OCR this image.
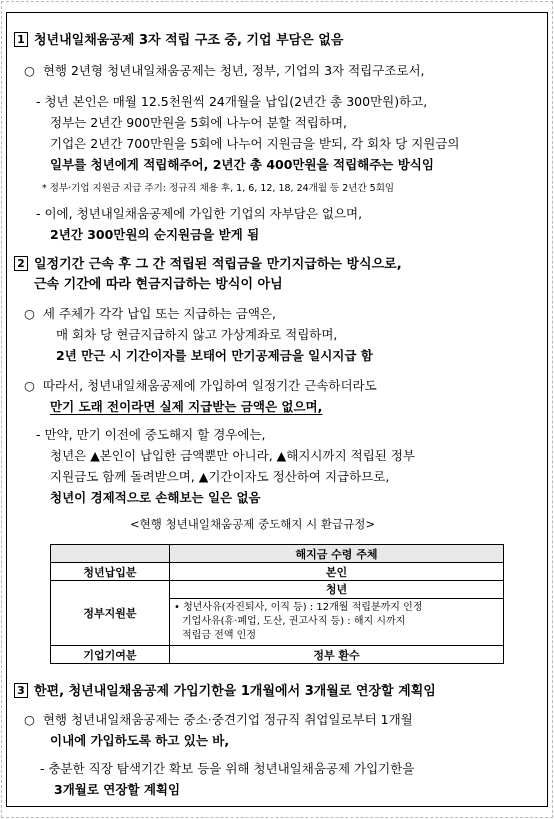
1 청년내일채움공제 3자 적립 구조 중, 기업 부담은 없음
○  현행 2년형 청년내일채움공제는 청년, 정부, 기업의 3자 적립구조로서,
- 청년 본인은 매월 12.5천원씩 24개월을 납입(2년간 총 300만원)하고,
정부는 2년간 900만원을 5회에 나누어 분할 적립하며,
기업은 2년간 700만원을 5회에 나누어 지원금을 받되, 각 회차 당 지원금의
일부를 청년에게 적립해주어, 2년간 총 400만원을 적립해주는 방식임
* 정부·기업 지원금 지급 주기: 정규직 채용 후, 1, 6, 12, 18, 24개월 등 2년간 5회임
- 이에, 청년내일채움공제에 가입한 기업의 자부담은 없으며,
2년간 300만원의 순지원금을 받게 됨
2 일정기간 근속 후 그 간 적립된 적립금을 만기지급하는 방식으로,
근속 기간에 따라 현금지급하는 방식이 아님
○  세 주체가 각각 납입 또는 지급하는 금액은,
매 회차 당 현금지급하지 않고 가상계좌로 적립하며,
2년 만근 시 기간이자를 보태어 만기공제금을 일시지급 함
○  따라서, 청년내일채움공제에 가입하여 일정기간 근속하더라도
만기 도래 전이라면 실제 지급받는 금액은 없으며,
- 만약, 만기 이전에 중도해지 할 경우에는,
청년은 ▲본인이 납입한 금액뿐만 아니라, ▲해지시까지 적립된 정부
지원금도 함께 돌려받으며, ▲기간이자도 정산하여 지급하므로,
청년이 경제적으로 손해보는 일은 없음
<현행 청년내일채움공제 중도해지 시 환급규정>
	해지금 수령 주체
청년납입분	본인
정부지원분	청년
• 청년사유(자진퇴사, 이직 등) : 12개월 적립분까지 인정
기업사유(휴·폐업, 도산, 권고사직 등) : 해지 시까지
적립금 전액 인정

기업기여분	정부 환수
3 한편, 청년내일채움공제 가입기한을 1개월에서 3개월로 연장할 계획임
○  현행 청년내일채움공제는 중소·중견기업 정규직 취업일로부터 1개월
이내에 가입하도록 하고 있는 바,
- 충분한 직장 탐색기간 확보 등을 위해 청년내일채움공제 가입기한을
3개월로 연장할 계획임
